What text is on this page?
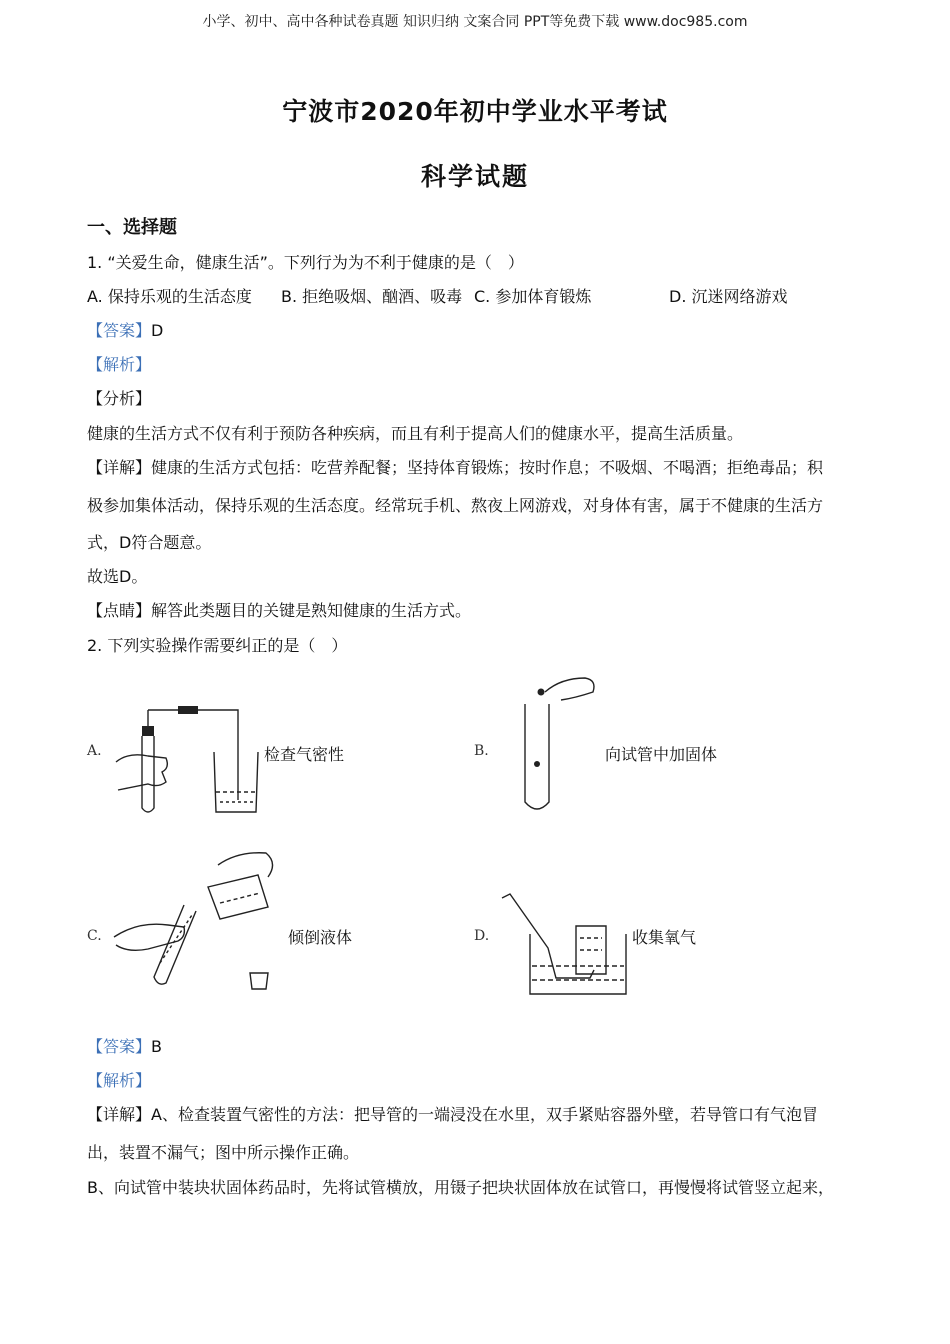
小学、初中、高中各种试卷真题 知识归纳 文案合同 PPT等免费下载 www.doc985.com
宁波市2020年初中学业水平考试
科学试题
一、选择题
1. “关爱生命，健康生活”。下列行为为不利于健康的是（　）
A. 保持乐观的生活态度 B. 拒绝吸烟、酗酒、吸毒 C. 参加体育锻炼	D. 沉迷网络游戏
【答案】D
【解析】
【分析】
健康的生活方式不仅有利于预防各种疾病，而且有利于提高人们的健康水平，提高生活质量。
【详解】健康的生活方式包括：吃营养配餐；坚持体育锻炼；按时作息；不吸烟、不喝酒；拒绝毒品；积
极参加集体活动，保持乐观的生活态度。经常玩手机、熬夜上网游戏，对身体有害，属于不健康的生活方
式，D符合题意。
故选D。
【点睛】解答此类题目的关键是熟知健康的生活方式。
2. 下列实验操作需要纠正的是（　）
A.	检查气密性	B.	向试管中加固体
C.	倾倒液体	D.	收集氧气
【答案】B
【解析】
【详解】A、检查装置气密性的方法：把导管的一端浸没在水里，双手紧贴容器外壁，若导管口有气泡冒
出，装置不漏气；图中所示操作正确。
B、向试管中装块状固体药品时，先将试管横放，用镊子把块状固体放在试管口，再慢慢将试管竖立起来，
